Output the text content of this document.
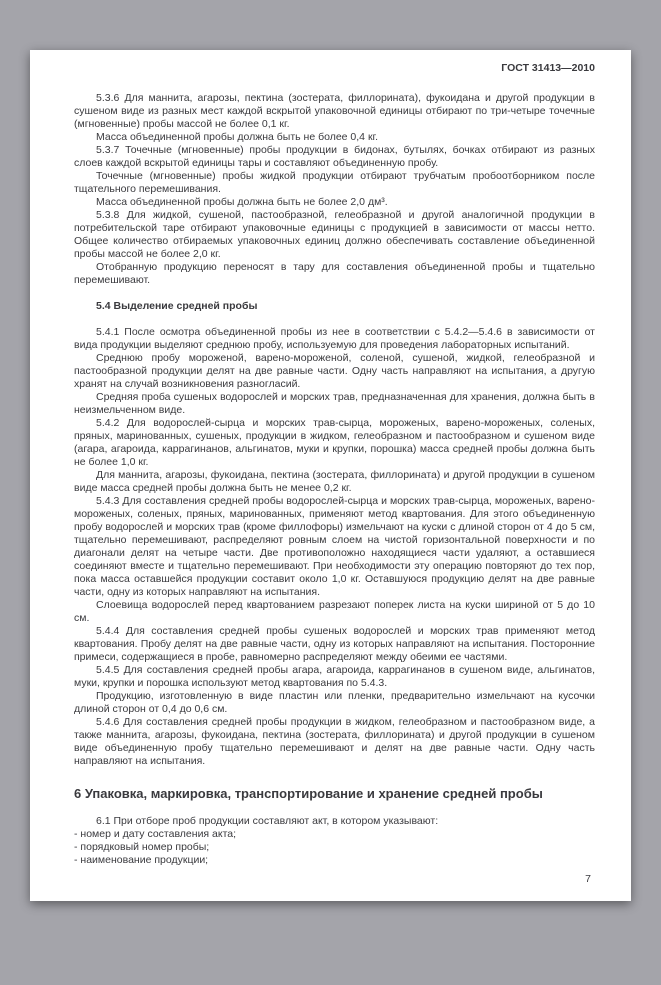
ГОСТ 31413—2010

5.3.6 Для маннита, агарозы, пектина (зостерата, филлорината), фукоидана и другой продукции в сушеном виде из разных мест каждой вскрытой упаковочной единицы отбирают по три-четыре точечные (мгновенные) пробы массой не более 0,1 кг.

Масса объединенной пробы должна быть не более 0,4 кг.

5.3.7 Точечные (мгновенные) пробы продукции в бидонах, бутылях, бочках отбирают из разных слоев каждой вскрытой единицы тары и составляют объединенную пробу.

Точечные (мгновенные) пробы жидкой продукции отбирают трубчатым пробоотборником после тщательного перемешивания.

Масса объединенной пробы должна быть не более 2,0 дм³.

5.3.8 Для жидкой, сушеной, пастообразной, гелеобразной и другой аналогичной продукции в потребительской таре отбирают упаковочные единицы с продукцией в зависимости от массы нетто. Общее количество отбираемых упаковочных единиц должно обеспечивать составление объединенной пробы массой не более 2,0 кг.

Отобранную продукцию переносят в тару для составления объединенной пробы и тщательно перемешивают.

5.4 Выделение средней пробы

5.4.1 После осмотра объединенной пробы из нее в соответствии с 5.4.2—5.4.6 в зависимости от вида продукции выделяют среднюю пробу, используемую для проведения лабораторных испытаний.

Среднюю пробу мороженой, варено-мороженой, соленой, сушеной, жидкой, гелеобразной и пастообразной продукции делят на две равные части. Одну часть направляют на испытания, а другую хранят на случай возникновения разногласий.

Средняя проба сушеных водорослей и морских трав, предназначенная для хранения, должна быть в неизмельченном виде.

5.4.2 Для водорослей-сырца и морских трав-сырца, мороженых, варено-мороженых, соленых, пряных, маринованных, сушеных, продукции в жидком, гелеобразном и пастообразном и сушеном виде (агара, агароида, каррагинанов, альгинатов, муки и крупки, порошка) масса средней пробы должна быть не более 1,0 кг.

Для маннита, агарозы, фукоидана, пектина (зостерата, филлорината) и другой продукции в сушеном виде масса средней пробы должна быть не менее 0,2 кг.

5.4.3 Для составления средней пробы водорослей-сырца и морских трав-сырца, мороженых, варено-мороженых, соленых, пряных, маринованных, применяют метод квартования. Для этого объединенную пробу водорослей и морских трав (кроме филлофоры) измельчают на куски с длиной сторон от 4 до 5 см, тщательно перемешивают, распределяют ровным слоем на чистой горизонтальной поверхности и по диагонали делят на четыре части. Две противоположно находящиеся части удаляют, а оставшиеся соединяют вместе и тщательно перемешивают. При необходимости эту операцию повторяют до тех пор, пока масса оставшейся продукции составит около 1,0 кг. Оставшуюся продукцию делят на две равные части, одну из которых направляют на испытания.

Слоевища водорослей перед квартованием разрезают поперек листа на куски шириной от 5 до 10 см.

5.4.4 Для составления средней пробы сушеных водорослей и морских трав применяют метод квартования. Пробу делят на две равные части, одну из которых направляют на испытания. Посторонние примеси, содержащиеся в пробе, равномерно распределяют между обеими ее частями.

5.4.5 Для составления средней пробы агара, агароида, каррагинанов в сушеном виде, альгинатов, муки, крупки и порошка используют метод квартования по 5.4.3.

Продукцию, изготовленную в виде пластин или пленки, предварительно измельчают на кусочки длиной сторон от 0,4 до 0,6 см.

5.4.6 Для составления средней пробы продукции в жидком, гелеобразном и пастообразном виде, а также маннита, агарозы, фукоидана, пектина (зостерата, филлорината) и другой продукции в сушеном виде объединенную пробу тщательно перемешивают и делят на две равные части. Одну часть направляют на испытания.

6 Упаковка, маркировка, транспортирование и хранение средней пробы

6.1 При отборе проб продукции составляют акт, в котором указывают:

- номер и дату составления акта;

- порядковый номер пробы;

- наименование продукции;

7
